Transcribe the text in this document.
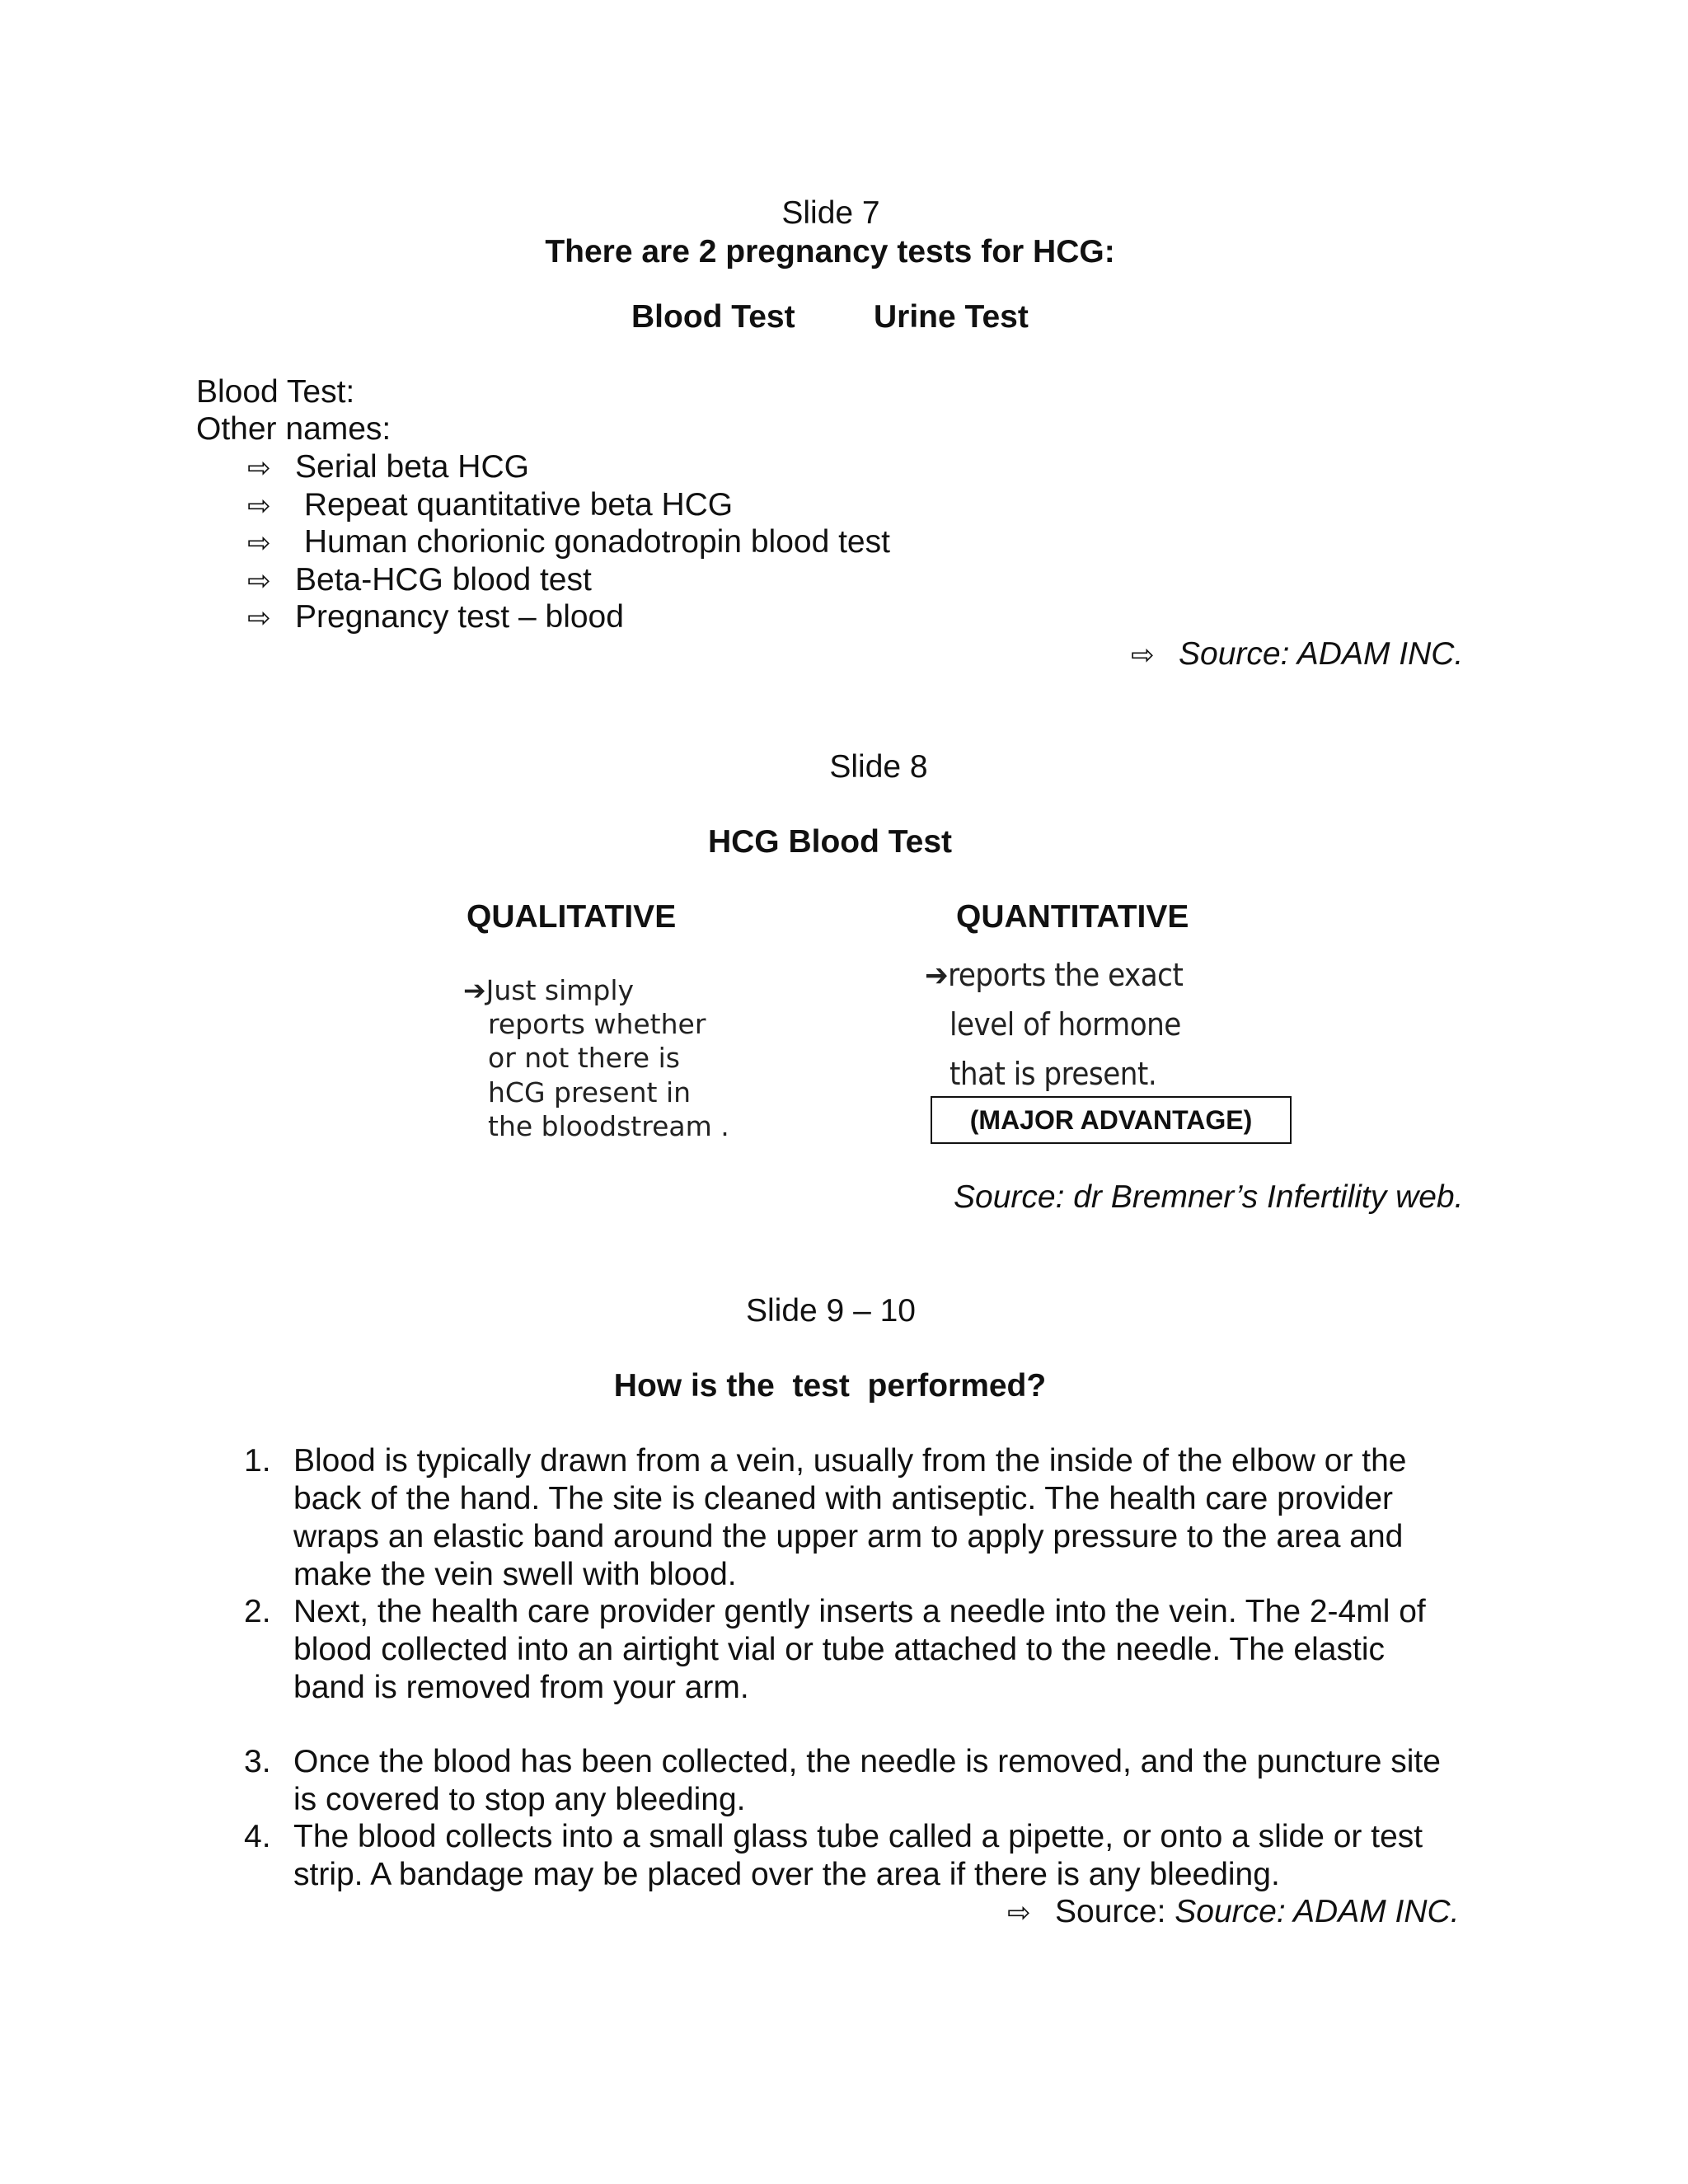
Slide 7
There are 2 pregnancy tests for HCG:
Blood Test Urine Test
Blood Test:
Other names:
⇨ Serial beta HCG
⇨ Repeat quantitative beta HCG
⇨ Human chorionic gonadotropin blood test
⇨ Beta-HCG blood test
⇨ Pregnancy test – blood
⇨ Source: ADAM INC.
Slide 8
HCG Blood Test
QUALITATIVE	QUANTITATIVE
➔Just simply
reports whether
or not there is
hCG present in
the bloodstream .
➔reports the exact
level of hormone
that is present.
(MAJOR ADVANTAGE)
Source: dr Bremner’s Infertility web.
Slide 9 – 10
How is the  test  performed?
1. Blood is typically drawn from a vein, usually from the inside of the elbow or the
back of the hand. The site is cleaned with antiseptic. The health care provider
wraps an elastic band around the upper arm to apply pressure to the area and
make the vein swell with blood.
2. Next, the health care provider gently inserts a needle into the vein. The 2-4ml of
blood collected into an airtight vial or tube attached to the needle. The elastic
band is removed from your arm.
3. Once the blood has been collected, the needle is removed, and the puncture site
is covered to stop any bleeding.
4. The blood collects into a small glass tube called a pipette, or onto a slide or test
strip. A bandage may be placed over the area if there is any bleeding.
⇨ Source: Source: ADAM INC.
